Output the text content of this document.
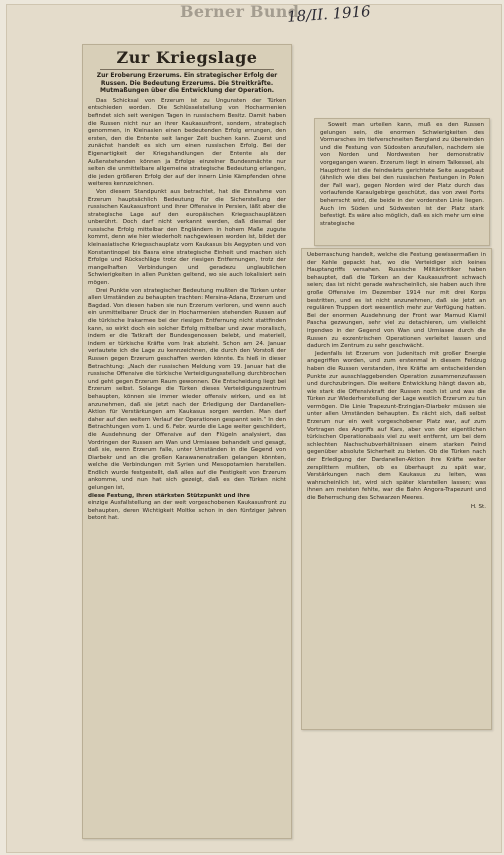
Berner Bund
18/II. 1916
Zur Kriegslage
Zur Eroberung Erzerums. Ein strategischer Erfolg der Russen. Die Bedeutung Erzerums. Die Streitkräfte. Mutmaßungen über die Entwicklung der Operation.

Das Schicksal von Erzerum ist zu Ungunsten der Türken entschieden worden. Die Schlüsselstellung von Hocharmenien befindet sich seit wenigen Tagen in russischem Besitz. Damit haben die Russen nicht nur an ihrer Kaukasusfront, sondern, strategisch genommen, in Kleinasien einen bedeutenden Erfolg errungen, den ersten, den die Entente seit langer Zeit buchen kann. Zuerst und zunächst handelt es sich um einen russischen Erfolg. Bei der Eigenartigkeit der Kriegshandlungen der Entente als der Außenstehenden können ja Erfolge einzelner Bundesmächte nur selten die unmittelbare allgemeine strategische Bedeutung erlangen, die jeden größeren Erfolg der auf der innern Linie Kämpfenden ohne weiteres kennzeichnen.

Von diesem Standpunkt aus betrachtet, hat die Einnahme von Erzerum hauptsächlich Bedeutung für die Sicherstellung der russischen Kaukasusfront und ihrer Offensive in Persien, läßt aber die strategische Lage auf den europäischen Kriegsschauplätzen unberührt. Doch darf nicht verkannt werden, daß diesmal der russische Erfolg mittelbar den Engländern in hohem Maße zugute kommt, denn wie hier wiederholt nachgewiesen worden ist, bildet der kleinasiatische Kriegsschauplatz vom Kaukasus bis Aegypten und von Konstantinopel bis Basra eine strategische Einheit und machen sich Erfolge und Rückschläge trotz der riesigen Entfernungen, trotz der mangelhaften Verbindungen und geradezu unglaublichen Schwierigkeiten in allen Punkten geltend, wo sie auch lokalisiert sein mögen.

Drei Punkte von strategischer Bedeutung mußten die Türken unter allen Umständen zu behaupten trachten: Mersina-Adana, Erzerum und Bagdad. Von diesen haben sie nun Erzerum verloren, und wenn auch ein unmittelbarer Druck der in Hocharmenien stehenden Russen auf die türkische Irakarmee bei der riesigen Entfernung nicht stattfinden kann, so wirkt doch ein solcher Erfolg mittelbar und zwar moralisch, indem er die Tatkraft der Bundesgenossen belebt, und materiell, indem er türkische Kräfte vom Irak abzieht. Schon am 24. Januar verlautete ich die Lage zu kennzeichnen, die durch den Vorstoß der Russen gegen Erzerum geschaffen werden könnte. Es hieß in dieser Betrachtung: „Nach der russischen Meldung vom 19. Januar hat die russische Offensive die türkische Verteidigungsstellung durchbrochen und geht gegen Erzerum Raum gewonnen. Die Entscheidung liegt bei Erzerum selbst. Solange die Türken dieses Verteidigungszentrum behaupten, können sie immer wieder offensiv wirken, und es ist anzunehmen, daß sie jetzt nach der Erledigung der Dardanellen-Aktion für Verstärkungen am Kaukasus sorgen werden. Man darf daher auf den weitern Verlauf der Operationen gespannt sein.“ In den Betrachtungen vom 1. und 6. Febr. wurde die Lage weiter geschildert, die Ausdehnung der Offensive auf den Flügeln analysiert, das Vordringen der Russen am Wan und Urmiasee behandelt und gesagt, daß sie, wenn Erzerum falle, unter Umständen in die Gegend von Diarbekr und an die großen Karawanenstraßen gelangen könnten, welche die Verbindungen mit Syrien und Mesopotamien herstellen. Endlich wurde festgestellt, daß alles auf die Festigkeit von Erzerum ankomme, und nun hat sich gezeigt, daß es den Türken nicht gelungen ist,

diese Festung, ihren stärksten Stützpunkt und ihre

einzige Ausfallstellung an der weit vorgeschobenen Kaukasusfront zu behaupten, deren Wichtigkeit Moltke schon in den fünfziger Jahren betont hat.

Soweit man urteilen kann, muß es den Russen gelungen sein, die enormen Schwierigkeiten des Vormarsches im tiefverschneiten Bergland zu überwinden und die Festung von Südosten anzufallen, nachdem sie von Norden und Nordwesten her demonstrativ vorgegangen waren. Erzerum liegt in einem Talkessel, als Hauptfront ist die feindwärts gerichtete Seite ausgebaut (ähnlich wie dies bei den russischen Festungen in Polen der Fall war), gegen Norden wird der Platz durch das vorlaufende Karaulgebirge geschützt, das von zwei Forts beherrscht wird, die beide in der vordersten Linie liegen. Auch im Süden und Südwesten ist der Platz stark befestigt. Es wäre also möglich, daß es sich mehr um eine strategische

Ueberraschung handelt, welche die Festung gewissermaßen in der Kehle gepackt hat, wo die Verteidiger sich keines Hauptangriffs versahen. Russische Militärkritiker haben behauptet, daß die Türken an der Kaukasusfront schwach seien; das ist nicht gerade wahrscheinlich, sie haben auch ihre große Offensive im Dezember 1914 nur mit drei Korps bestritten, und es ist nicht anzunehmen, daß sie jetzt an regulären Truppen dort wesentlich mehr zur Verfügung hatten. Bei der enormen Ausdehnung der Front war Mamud Kiamil Pascha gezwungen, sehr viel zu detachieren, um vielleicht irgendwo in der Gegend von Wan und Urmiasee durch die Russen zu exzentrischen Operationen verleitet lassen und dadurch im Zentrum zu sehr geschwächt.

Jedenfalls ist Erzerum von Judenitsch mit großer Energie angegriffen worden, und zum erstenmal in diesem Feldzug haben die Russen verstanden, ihre Kräfte am entscheidenden Punkte zur ausschlaggebenden Operation zusammenzufassen und durchzubringen. Die weitere Entwicklung hängt davon ab, wie stark die Offensivkraft der Russen noch ist und was die Türken zur Wiederherstellung der Lage westlich Erzerum zu tun vermögen. Die Linie Trapezunt-Erzingjan-Diarbekr müssen sie unter allen Umständen behaupten. Es rächt sich, daß selbst Erzerum nur ein weit vorgeschobener Platz war, auf zum Vortragen des Angriffs auf Kars, aber von der eigentlichen türkischen Operationsbasis viel zu weit entfernt, um bei dem schlechten Nachschubverhältnissen einem starken Feind gegenüber absolute Sicherheit zu bieten. Ob die Türken nach der Erledigung der Dardanellen-Aktion ihre Kräfte weiter zersplittern mußten, ob es überhaupt zu spät war, Verstärkungen nach dem Kaukasus zu leiten, was wahrscheinlich ist, wird sich später klarstellen lassen; was ihnen am meisten fehlte, war die Bahn Angora-Trapezunt und die Beherrschung des Schwarzen Meeres.

H. St.
